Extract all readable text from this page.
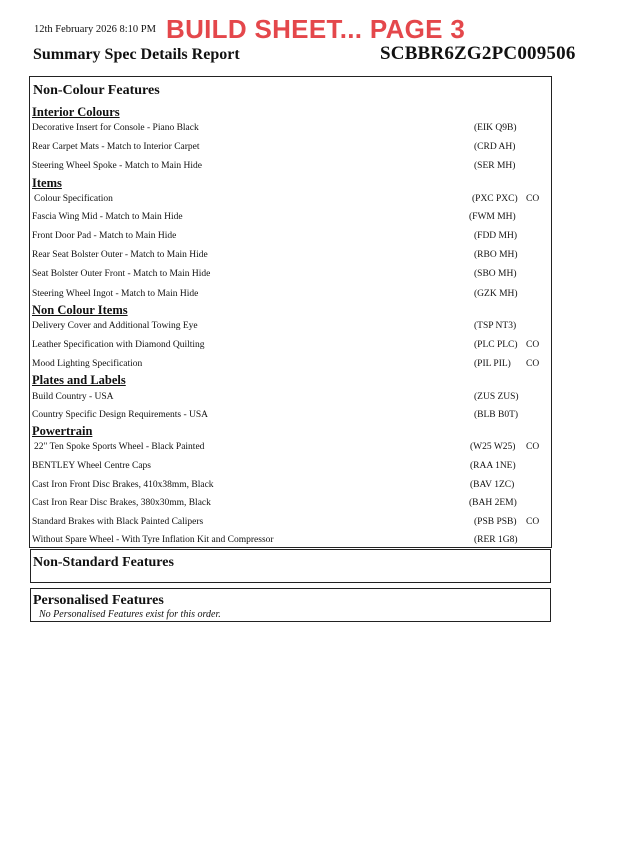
12th February 2026 8:10 PM BUILD SHEET... PAGE 3
Summary Spec Details Report	SCBBR6ZG2PC009506
Non-Colour Features
Interior Colours
Decorative Insert for Console - Piano Black	(EIK Q9B)
Rear Carpet Mats - Match to Interior Carpet	(CRD AH)
Steering Wheel Spoke - Match to Main Hide	(SER MH)
Items
Colour Specification	(PXC PXC) CO
Fascia Wing Mid - Match to Main Hide	(FWM MH)
Front Door Pad - Match to Main Hide	(FDD MH)
Rear Seat Bolster Outer - Match to Main Hide	(RBO MH)
Seat Bolster Outer Front - Match to Main Hide	(SBO MH)
Steering Wheel Ingot - Match to Main Hide	(GZK MH)
Non Colour Items
Delivery Cover and Additional Towing Eye	(TSP NT3)
Leather Specification with Diamond Quilting	(PLC PLC) CO
Mood Lighting Specification	(PIL PIL) CO
Plates and Labels
Build Country - USA	(ZUS ZUS)
Country Specific Design Requirements - USA	(BLB B0T)
Powertrain
22" Ten Spoke Sports Wheel - Black Painted	(W25 W25) CO
BENTLEY Wheel Centre Caps	(RAA 1NE)
Cast Iron Front Disc Brakes, 410x38mm, Black	(BAV 1ZC)
Cast Iron Rear Disc Brakes, 380x30mm, Black	(BAH 2EM)
Standard Brakes with Black Painted Calipers	(PSB PSB) CO
Without Spare Wheel - With Tyre Inflation Kit and Compressor	(RER 1G8)
Non-Standard Features
Personalised Features
No Personalised Features exist for this order.
